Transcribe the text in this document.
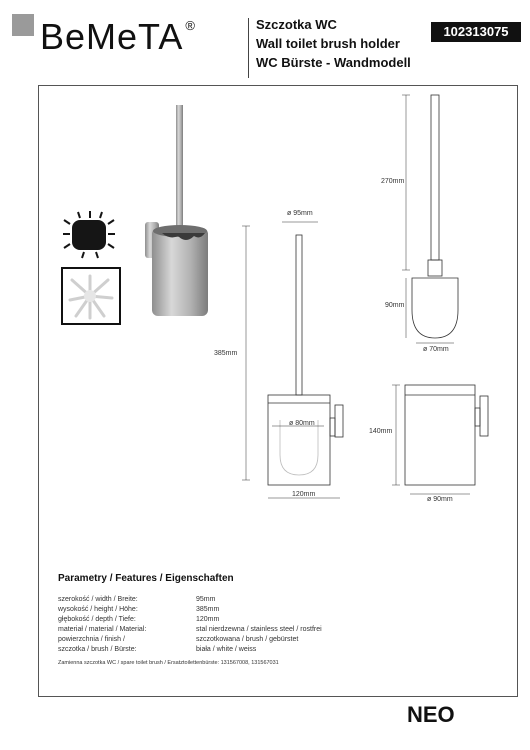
BeMeTA ®	Szczotka WC
Wall toilet brush holder
WC Bürste - Wandmodell
102313075
ø 95mm
385mm
ø 80mm
120mm
270mm
90mm
ø 70mm
140mm
ø 90mm
Parametry / Features / Eigenschaften
szerokość / width / Breite:	95mm
wysokość / height / Höhe:	385mm
głębokość / depth / Tiefe:	120mm
materiał / material / Material:	stal nierdzewna / stainless steel / rostfrei
powierzchnia / finish /	szczotkowana / brush / gebürstet
szczotka / brush / Bürste:	biała / white / weiss
Zamienna szczotka WC / spare toilet brush / Ersatztoilettenbürste: 131567008, 131567031
NEO
